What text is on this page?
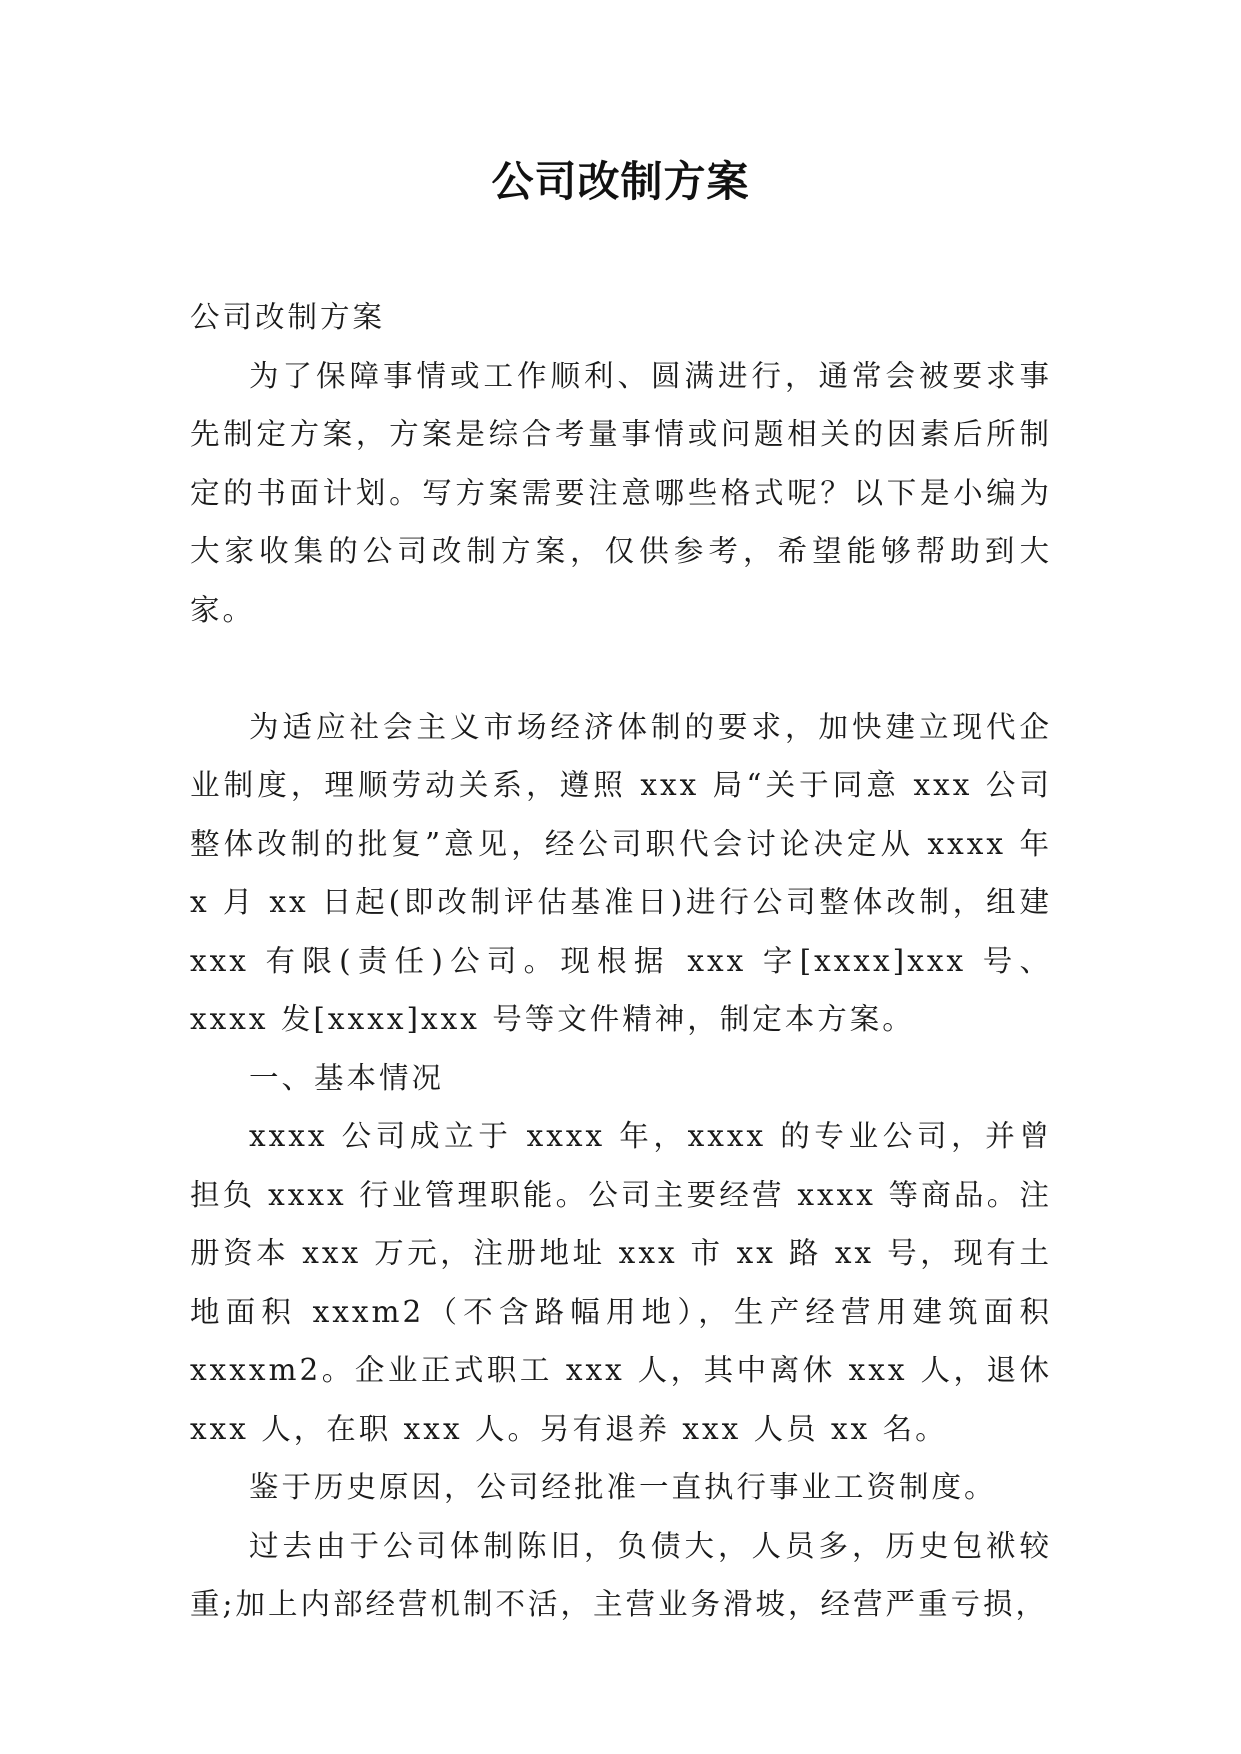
公司改制方案

公司改制方案

为了保障事情或工作顺利、圆满进行，通常会被要求事先制定方案，方案是综合考量事情或问题相关的因素后所制定的书面计划。写方案需要注意哪些格式呢？以下是小编为大家收集的公司改制方案，仅供参考，希望能够帮助到大家。

为适应社会主义市场经济体制的要求，加快建立现代企业制度，理顺劳动关系，遵照 xxx 局“关于同意 xxx 公司整体改制的批复”意见，经公司职代会讨论决定从 xxxx 年 x 月 xx 日起(即改制评估基准日)进行公司整体改制，组建 xxx 有限(责任)公司。现根据 xxx 字[xxxx]xxx 号、xxxx 发[xxxx]xxx 号等文件精神，制定本方案。

一、基本情况

xxxx 公司成立于 xxxx 年，xxxx 的专业公司，并曾担负 xxxx 行业管理职能。公司主要经营 xxxx 等商品。注册资本 xxx 万元，注册地址 xxx 市 xx 路 xx 号，现有土地面积 xxxm2（不含路幅用地），生产经营用建筑面积 xxxxm2。企业正式职工 xxx 人，其中离休 xxx 人，退休 xxx 人，在职 xxx 人。另有退养 xxx 人员 xx 名。

鉴于历史原因，公司经批准一直执行事业工资制度。

过去由于公司体制陈旧，负债大，人员多，历史包袱较重;加上内部经营机制不活，主营业务滑坡，经营严重亏损，
